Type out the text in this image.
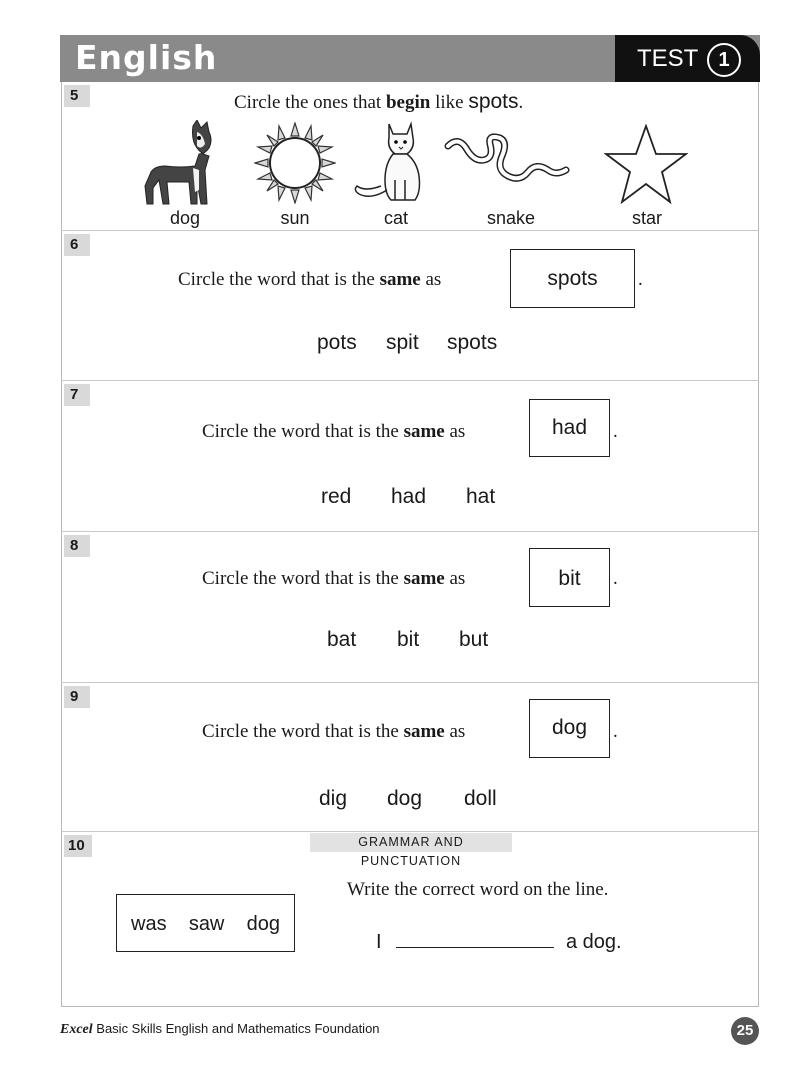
English	TEST	1
5	Circle the ones that begin like spots.
dog	sun	cat	snake	star
6
Circle the word that is the same as	spots	.
pots spit spots
7
Circle the word that is the same as	had	.
red had hat
8
Circle the word that is the same as	bit	.
bat bit but
9
Circle the word that is the same as	dog	.
dig dog doll
10	GRAMMAR AND PUNCTUATION
was saw dog
Write the correct word on the line.
I	a dog.
Excel Basic Skills English and Mathematics Foundation	25
